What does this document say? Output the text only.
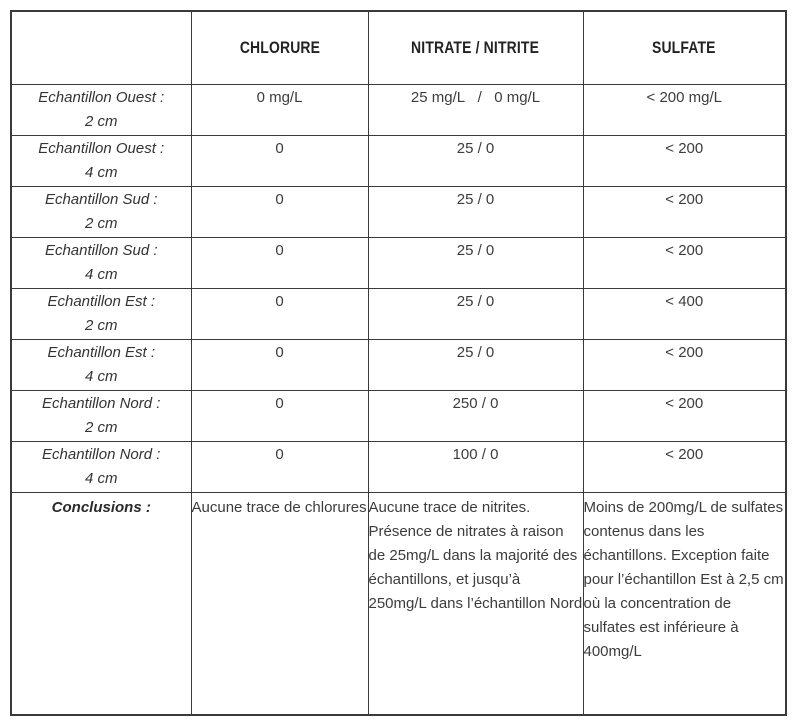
	CHLORURE	NITRATE / NITRITE	SULFATE

Echantillon Ouest :
2 cm	0 mg/L	25 mg/L   /   0 mg/L	< 200 mg/L

Echantillon Ouest :
4 cm	0	25 / 0	< 200

Echantillon Sud :
2 cm	0	25 / 0	< 200

Echantillon Sud :
4 cm	0	25 / 0	< 200

Echantillon Est :
2 cm	0	25 / 0	< 400

Echantillon Est :
4 cm	0	25 / 0	< 200

Echantillon Nord :
2 cm	0	250 / 0	< 200

Echantillon Nord :
4 cm	0	100 / 0	< 200
Conclusions :	Aucune trace de chlorures	Aucune trace de nitrites. Présence de nitrates à raison de 25mg/L dans la majorité des échantillons, et jusqu’à 250mg/L dans l’échantillon Nord	Moins de 200mg/L de sulfates contenus dans les échantillons. Exception faite pour l’échantillon Est à 2,5 cm où la concentration de sulfates est inférieure à 400mg/L
